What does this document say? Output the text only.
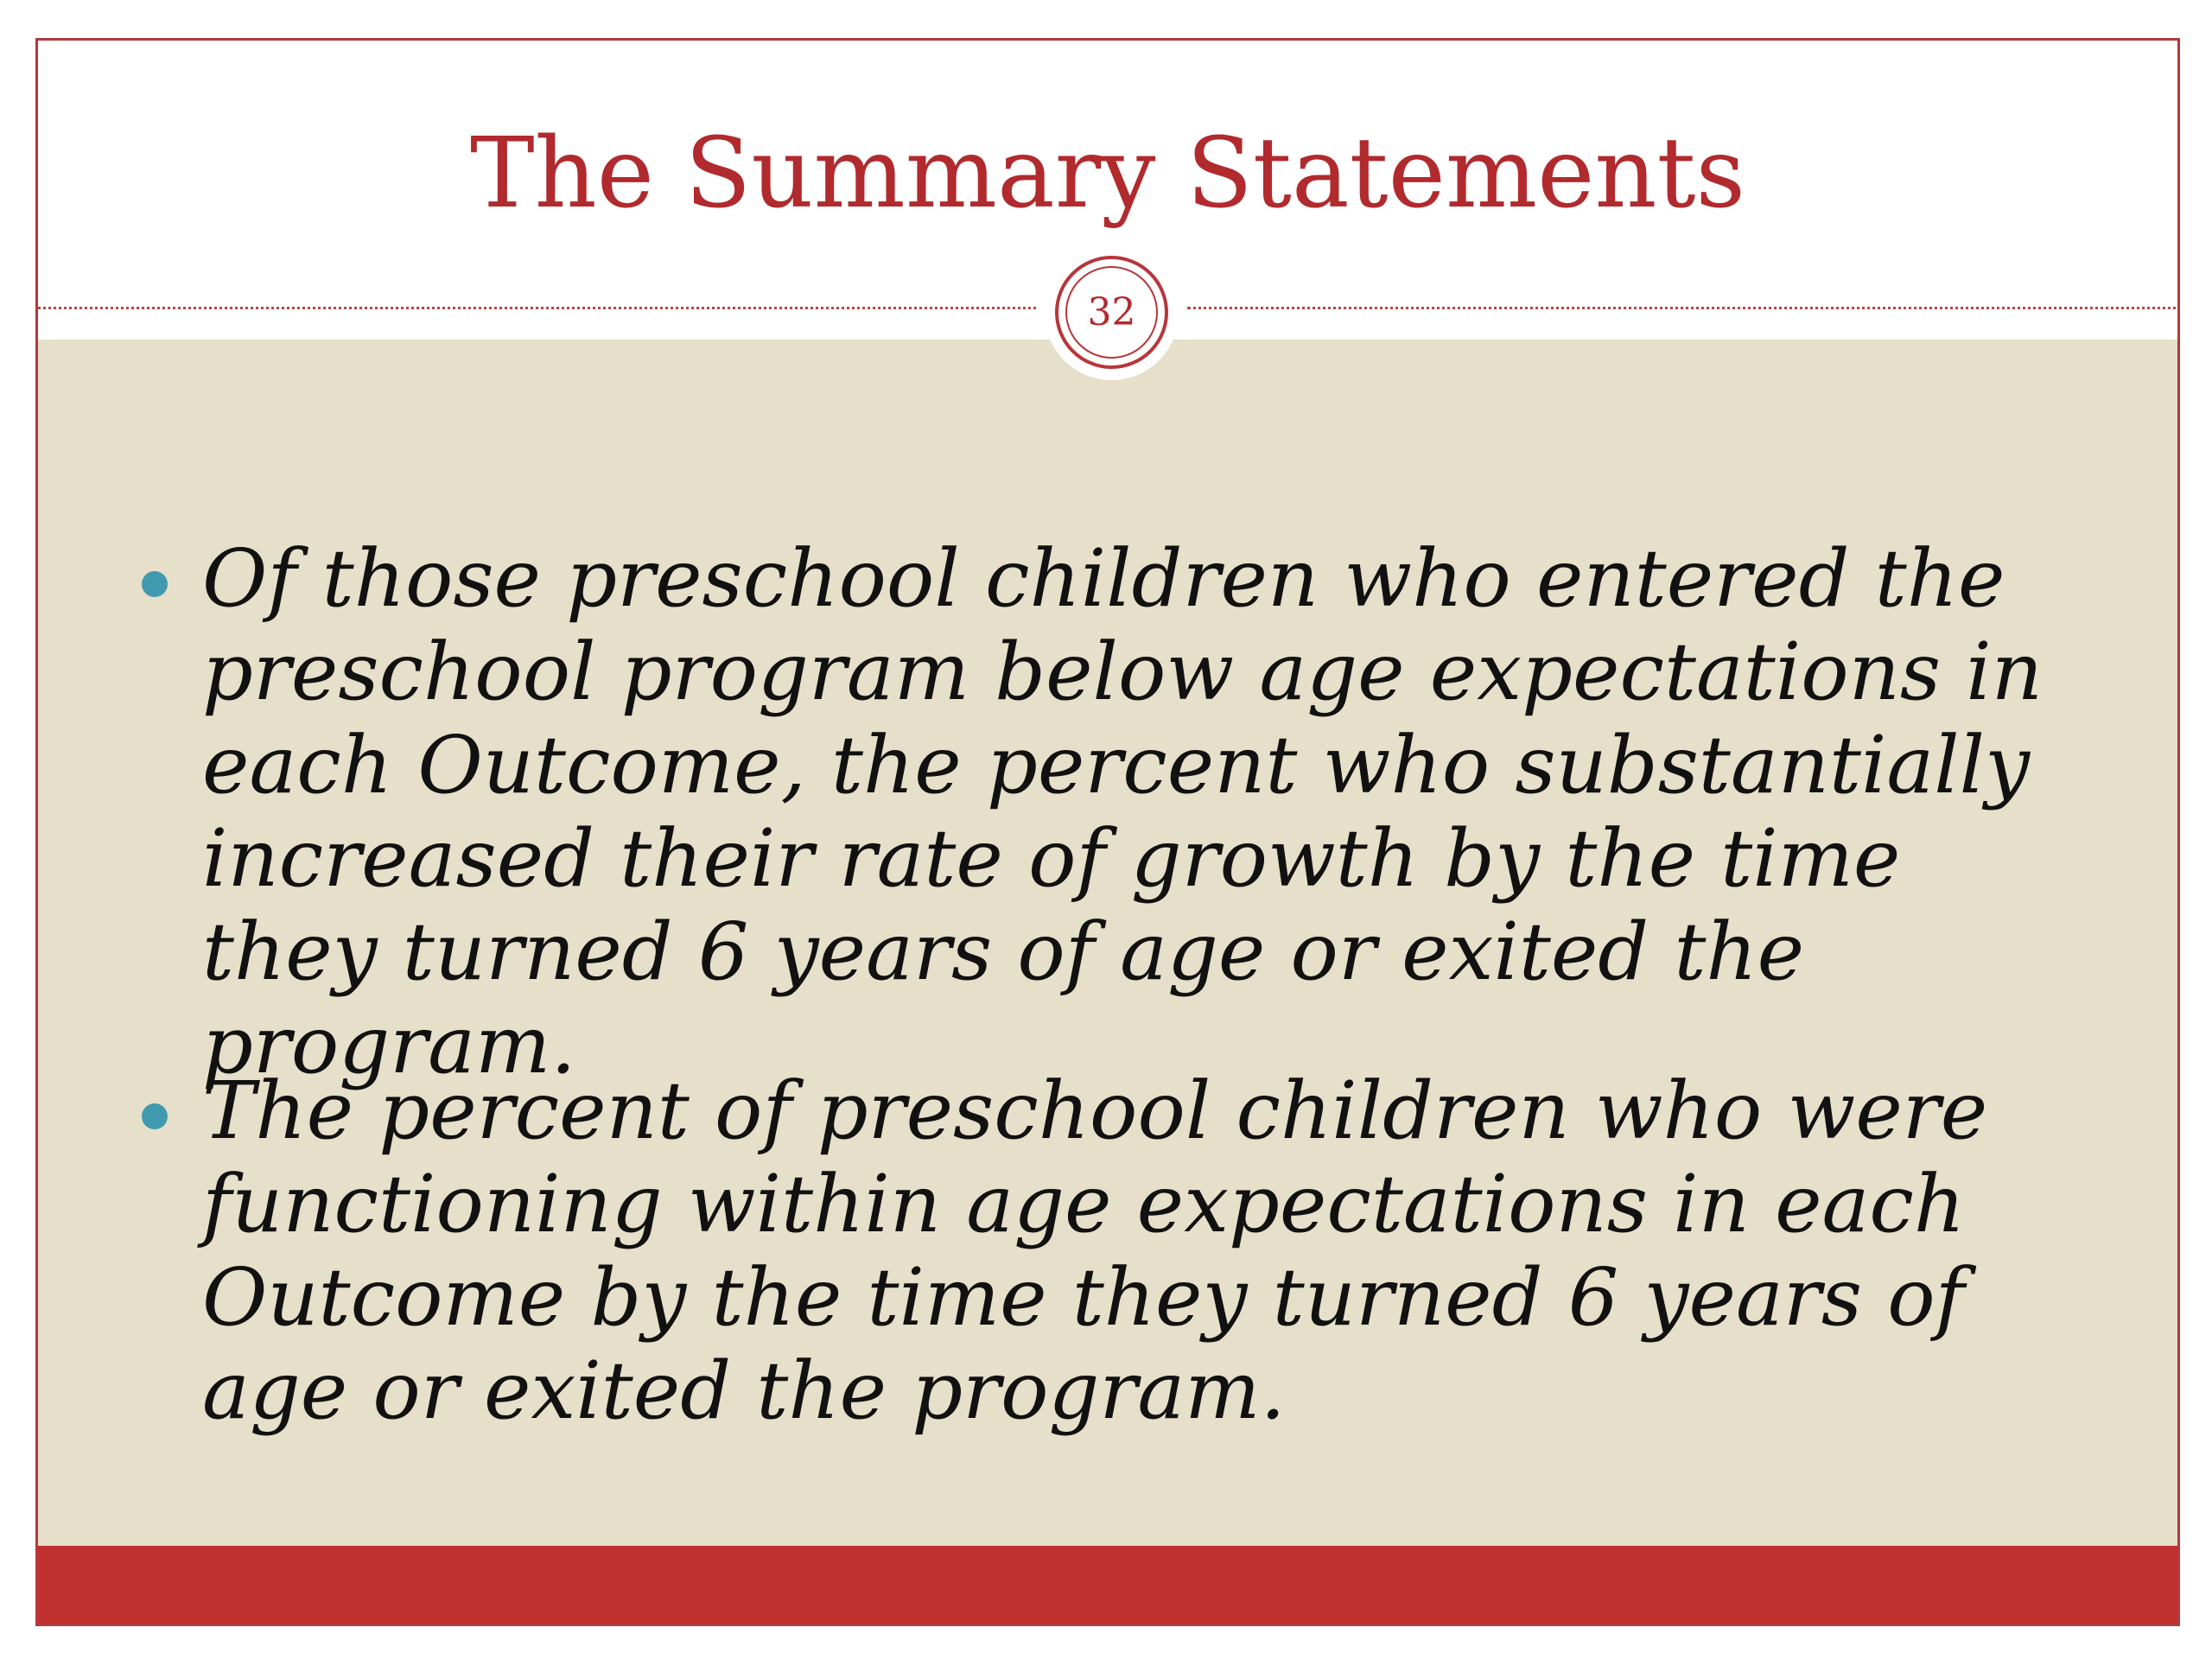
Of those preschool children who entered the preschool program below age expectations in each Outcome, the percent who substantially increased their rate of growth by the time they turned 6 years of age or exited the program.

The percent of preschool children who were functioning within age expectations in each Outcome by the time they turned 6 years of age or exited the program.

The Summary Statements
32
